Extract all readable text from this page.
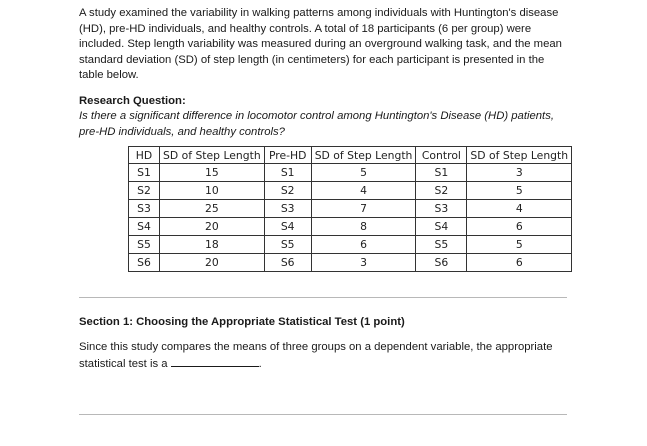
A study examined the variability in walking patterns among individuals with Huntington's disease (HD), pre-HD individuals, and healthy controls. A total of 18 participants (6 per group) were included. Step length variability was measured during an overground walking task, and the mean standard deviation (SD) of step length (in centimeters) for each participant is presented in the table below.

Research Question:

Is there a significant difference in locomotor control among Huntington's Disease (HD) patients, pre-HD individuals, and healthy controls?

HD	SD of Step Length	Pre-HD	SD of Step Length	Control	SD of Step Length
S1	15	S1	5	S1	3
S2	10	S2	4	S2	5
S3	25	S3	7	S3	4
S4	20	S4	8	S4	6
S5	18	S5	6	S5	5
S6	20	S6	3	S6	6

Section 1: Choosing the Appropriate Statistical Test (1 point)

Since this study compares the means of three groups on a dependent variable, the appropriate statistical test is a	.
